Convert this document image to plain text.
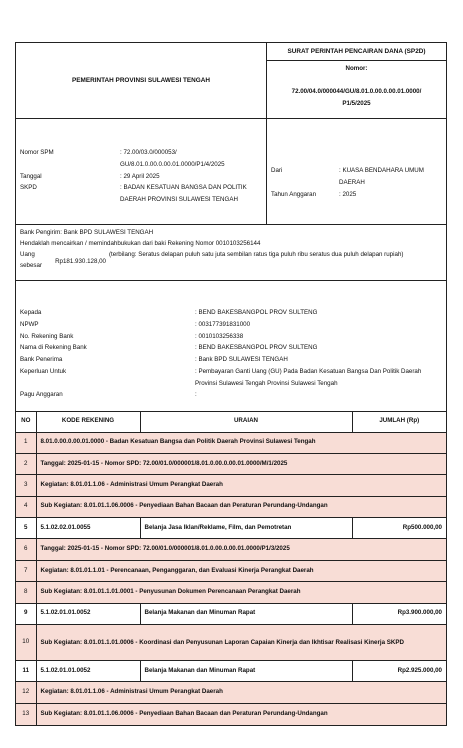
PEMERINTAH PROVINSI SULAWESI TENGAH
SURAT PERINTAH PENCAIRAN DANA (SP2D)
Nomor:
72.00/04.0/000044/GU/8.01.0.00.0.00.01.0000/ P1/5/2025
Nomor SPM	: 72.00/03.0/000053/ GU/8.01.0.00.0.00.01.0000/P1/4/2025
Tanggal	: 29 April 2025
SKPD	: BADAN KESATUAN BANGSA DAN POLITIK DAERAH PROVINSI SULAWESI TENGAH
Dari	: KUASA BENDAHARA UMUM DAERAH
Tahun Anggaran	: 2025
Bank Pengirim: Bank BPD SULAWESI TENGAH
Hendaklah mencairkan / memindahbukukan dari baki Rekening Nomor 0010103256144
Uang sebesar
Rp181.930.128,00
(terbilang: Seratus delapan puluh satu juta sembilan ratus tiga puluh ribu seratus dua puluh delapan rupiah)
Kepada	: BEND BAKESBANGPOL PROV SULTENG
NPWP	: 003177391831000
No. Rekening Bank	: 0010103256338
Nama di Rekening Bank	: BEND BAKESBANGPOL PROV SULTENG
Bank Penerima	: Bank BPD SULAWESI TENGAH
Keperluan Untuk	: Pembayaran Ganti Uang (GU) Pada Badan Kesatuan Bangsa Dan Politik Daerah Provinsi Sulawesi Tengah Provinsi Sulawesi Tengah
Pagu Anggaran	:
NO	KODE REKENING	URAIAN	JUMLAH (Rp)
1	8.01.0.00.0.00.01.0000 - Badan Kesatuan Bangsa dan Politik Daerah Provinsi Sulawesi Tengah		
2	Tanggal: 2025-01-15 - Nomor SPD: 72.00/01.0/000001/8.01.0.00.0.00.01.0000/M/1/2025		
3	Kegiatan: 8.01.01.1.06 - Administrasi Umum Perangkat Daerah		
4	Sub Kegiatan: 8.01.01.1.06.0006 - Penyediaan Bahan Bacaan dan Peraturan Perundang-Undangan		
5	5.1.02.02.01.0055	Belanja Jasa Iklan/Reklame, Film, dan Pemotretan	Rp500.000,00
6	Tanggal: 2025-01-15 - Nomor SPD: 72.00/01.0/000001/8.01.0.00.0.00.01.0000/P1/3/2025		
7	Kegiatan: 8.01.01.1.01 - Perencanaan, Penganggaran, dan Evaluasi Kinerja Perangkat Daerah		
8	Sub Kegiatan: 8.01.01.1.01.0001 - Penyusunan Dokumen Perencanaan Perangkat Daerah		
9	5.1.02.01.01.0052	Belanja Makanan dan Minuman Rapat	Rp3.900.000,00
10	Sub Kegiatan: 8.01.01.1.01.0006 - Koordinasi dan Penyusunan Laporan Capaian Kinerja dan Ikhtisar Realisasi Kinerja SKPD		
11	5.1.02.01.01.0052	Belanja Makanan dan Minuman Rapat	Rp2.925.000,00
12	Kegiatan: 8.01.01.1.06 - Administrasi Umum Perangkat Daerah		
13	Sub Kegiatan: 8.01.01.1.06.0006 - Penyediaan Bahan Bacaan dan Peraturan Perundang-Undangan		
